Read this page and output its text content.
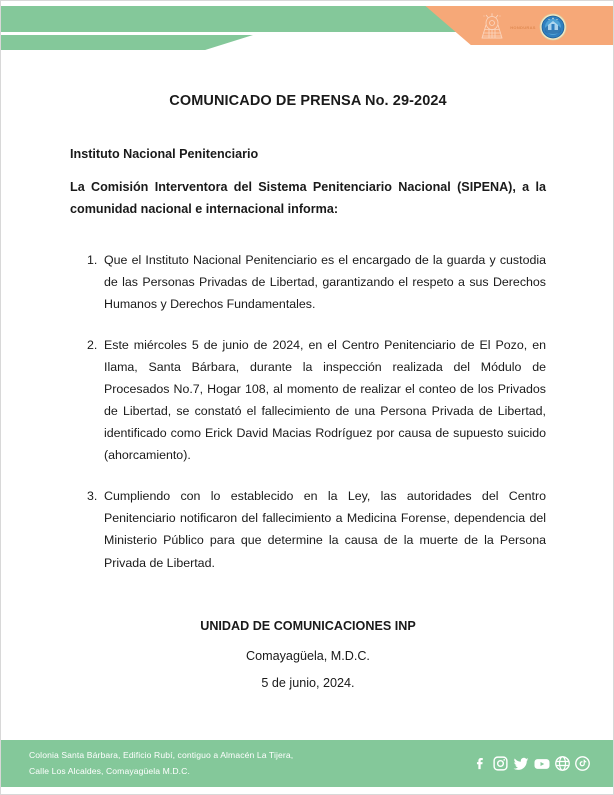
HONDURAS
COMUNICADO DE PRENSA No. 29-2024

Instituto Nacional Penitenciario

La Comisión Interventora del Sistema Penitenciario Nacional (SIPENA), a la comunidad nacional e internacional informa:

1. Que el Instituto Nacional Penitenciario es el encargado de la guarda y custodia de las Personas Privadas de Libertad, garantizando el respeto a sus Derechos Humanos y Derechos Fundamentales.
2. Este miércoles 5 de junio de 2024, en el Centro Penitenciario de El Pozo, en Ilama, Santa Bárbara, durante la inspección realizada del Módulo de Procesados No.7, Hogar 108, al momento de realizar el conteo de los Privados de Libertad, se constató el fallecimiento de una Persona Privada de Libertad, identificado como Erick David Macias Rodríguez por causa de supuesto suicido (ahorcamiento).
3. Cumpliendo con lo establecido en la Ley, las autoridades del Centro Penitenciario notificaron del fallecimiento a Medicina Forense, dependencia del Ministerio Público para que determine la causa de la muerte de la Persona Privada de Libertad.
UNIDAD DE COMUNICACIONES INP
Comayagüela, M.D.C.
5 de junio, 2024.
Colonia Santa Bárbara, Edificio Rubí, contiguo a Almacén La Tijera,
Calle Los Alcaldes, Comayagüela M.D.C.
